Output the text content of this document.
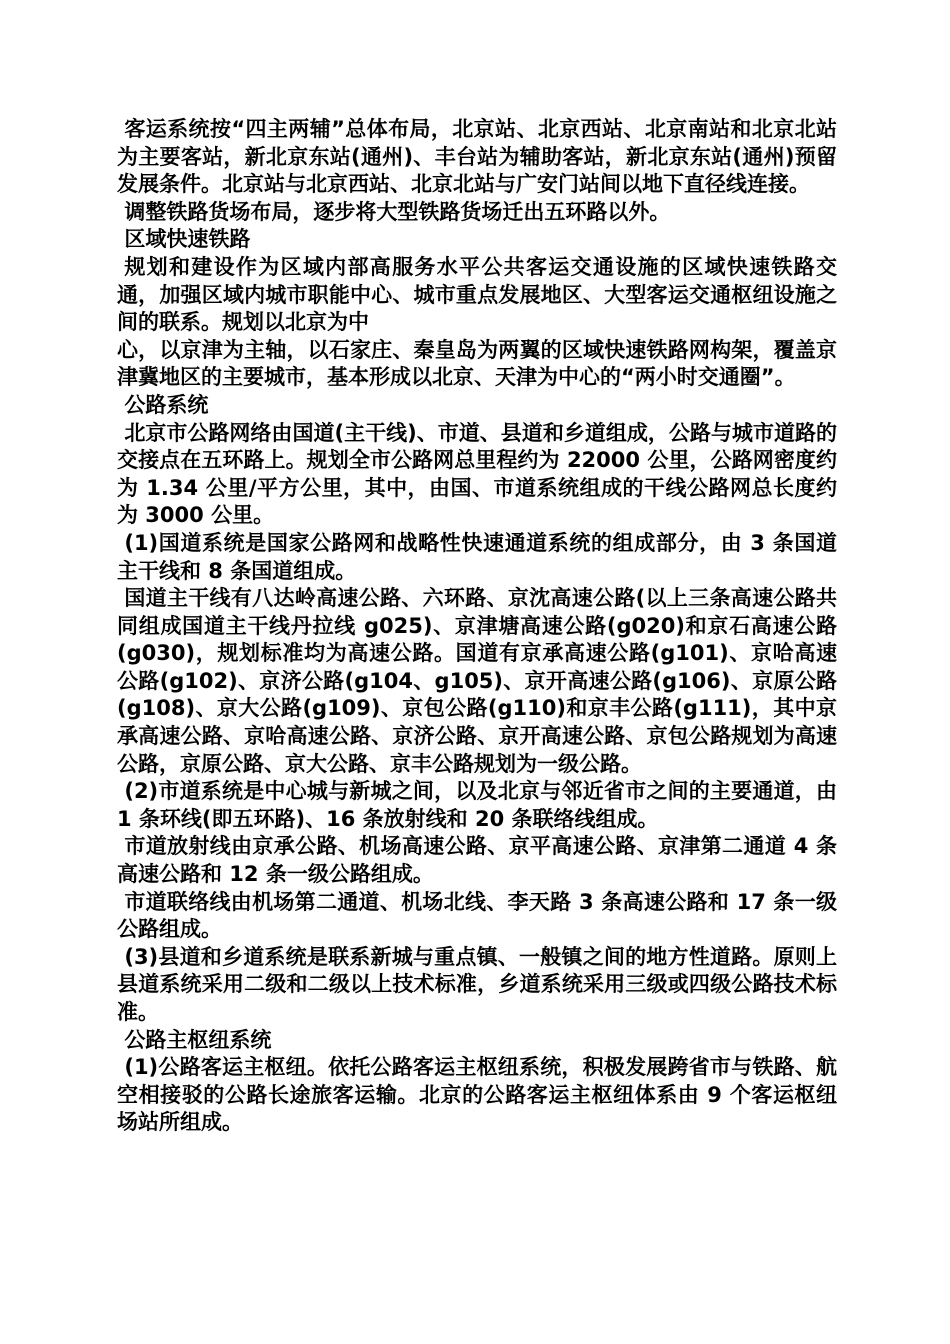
客运系统按“四主两辅”总体布局，北京站、北京西站、北京南站和北京北站为主要客站，新北京东站(通州)、丰台站为辅助客站，新北京东站(通州)预留发展条件。北京站与北京西站、北京北站与广安门站间以地下直径线连接。

调整铁路货场布局，逐步将大型铁路货场迁出五环路以外。

区域快速铁路

规划和建设作为区域内部高服务水平公共客运交通设施的区域快速铁路交通，加强区域内城市职能中心、城市重点发展地区、大型客运交通枢纽设施之间的联系。规划以北京为中

心，以京津为主轴，以石家庄、秦皇岛为两翼的区域快速铁路网构架，覆盖京津冀地区的主要城市，基本形成以北京、天津为中心的“两小时交通圈”。

公路系统

北京市公路网络由国道(主干线)、市道、县道和乡道组成，公路与城市道路的交接点在五环路上。规划全市公路网总里程约为 22000 公里，公路网密度约为 1.34 公里/平方公里，其中，由国、市道系统组成的干线公路网总长度约为 3000 公里。

(1)国道系统是国家公路网和战略性快速通道系统的组成部分，由 3 条国道主干线和 8 条国道组成。

国道主干线有八达岭高速公路、六环路、京沈高速公路(以上三条高速公路共同组成国道主干线丹拉线 g025)、京津塘高速公路(g020)和京石高速公路(g030)，规划标准均为高速公路。国道有京承高速公路(g101)、京哈高速公路(g102)、京济公路(g104、g105)、京开高速公路(g106)、京原公路(g108)、京大公路(g109)、京包公路(g110)和京丰公路(g111)，其中京承高速公路、京哈高速公路、京济公路、京开高速公路、京包公路规划为高速公路，京原公路、京大公路、京丰公路规划为一级公路。

(2)市道系统是中心城与新城之间，以及北京与邻近省市之间的主要通道，由 1 条环线(即五环路)、16 条放射线和 20 条联络线组成。

市道放射线由京承公路、机场高速公路、京平高速公路、京津第二通道 4 条高速公路和 12 条一级公路组成。

市道联络线由机场第二通道、机场北线、李天路 3 条高速公路和 17 条一级公路组成。

(3)县道和乡道系统是联系新城与重点镇、一般镇之间的地方性道路。原则上县道系统采用二级和二级以上技术标准，乡道系统采用三级或四级公路技术标准。

公路主枢纽系统

(1)公路客运主枢纽。依托公路客运主枢纽系统，积极发展跨省市与铁路、航空相接驳的公路长途旅客运输。北京的公路客运主枢纽体系由 9 个客运枢纽场站所组成。
